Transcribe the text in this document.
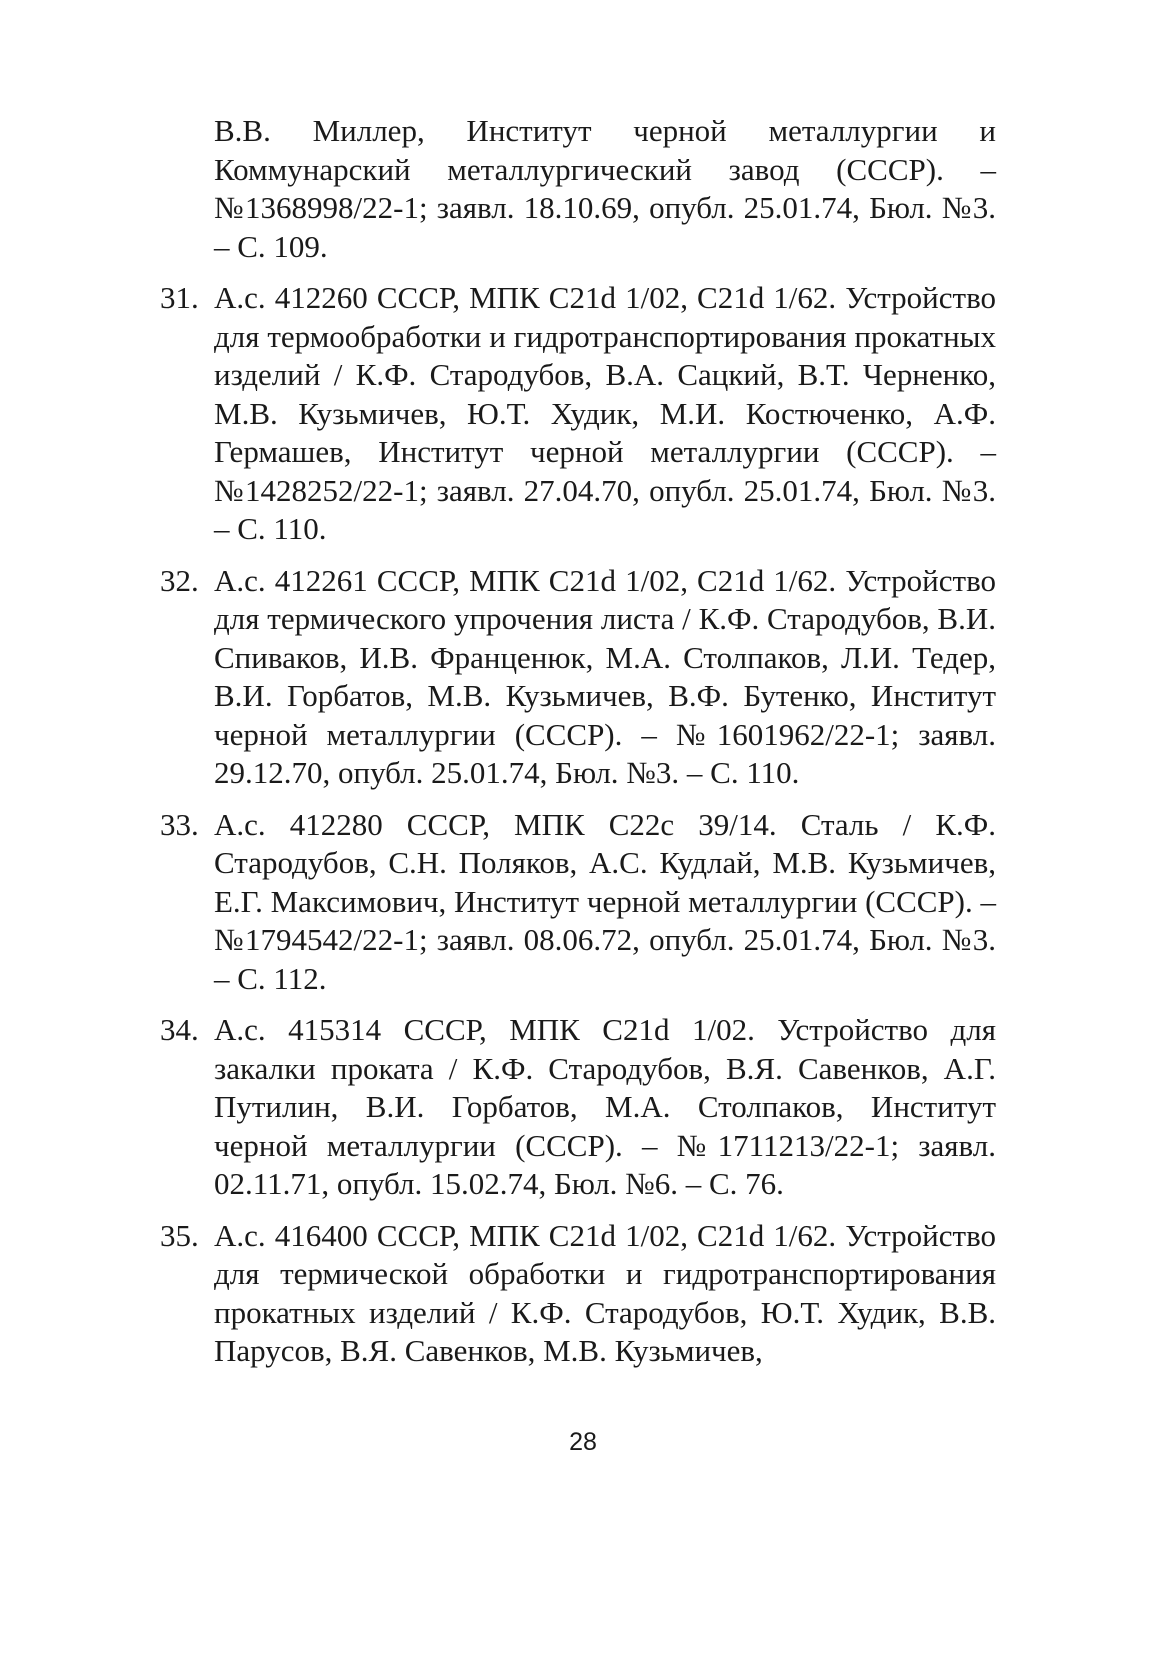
В.В. Миллер, Институт черной металлургии и Коммунарский металлургический завод (СССР). – №1368998/22-1; заявл. 18.10.69, опубл. 25.01.74, Бюл. №3. – С. 109.
31. А.с. 412260 СССР, МПК C21d 1/02, C21d 1/62. Устройство для термообработки и гидротранспортирования прокатных изделий / К.Ф. Стародубов, В.А. Сацкий, В.Т. Черненко, М.В. Кузьмичев, Ю.Т. Худик, М.И. Костюченко, А.Ф. Гермашев, Институт черной металлургии (СССР). – №1428252/22-1; заявл. 27.04.70, опубл. 25.01.74, Бюл. №3. – С. 110.
32. А.с. 412261 СССР, МПК C21d 1/02, C21d 1/62. Устройство для термического упрочения листа / К.Ф. Стародубов, В.И. Спиваков, И.В. Франценюк, М.А. Столпаков, Л.И. Тедер, В.И. Горбатов, М.В. Кузьмичев, В.Ф. Бутенко, Институт черной металлургии (СССР). – №1601962/22-1; заявл. 29.12.70, опубл. 25.01.74, Бюл. №3. – С. 110.
33. А.с. 412280 СССР, МПК C22c 39/14. Сталь / К.Ф. Стародубов, С.Н. Поляков, А.С. Кудлай, М.В. Кузьмичев, Е.Г. Максимович, Институт черной металлургии (СССР). – №1794542/22-1; заявл. 08.06.72, опубл. 25.01.74, Бюл. №3. – С. 112.
34. А.с. 415314 СССР, МПК C21d 1/02. Устройство для закалки проката / К.Ф. Стародубов, В.Я. Савенков, А.Г. Путилин, В.И. Горбатов, М.А. Столпаков, Институт черной металлургии (СССР). – №1711213/22-1; заявл. 02.11.71, опубл. 15.02.74, Бюл. №6. – С. 76.
35. А.с. 416400 СССР, МПК C21d 1/02, C21d 1/62. Устройство для термической обработки и гидротранспортирования прокатных изделий / К.Ф. Стародубов, Ю.Т. Худик, В.В. Парусов, В.Я. Савенков, М.В. Кузьмичев,
28
